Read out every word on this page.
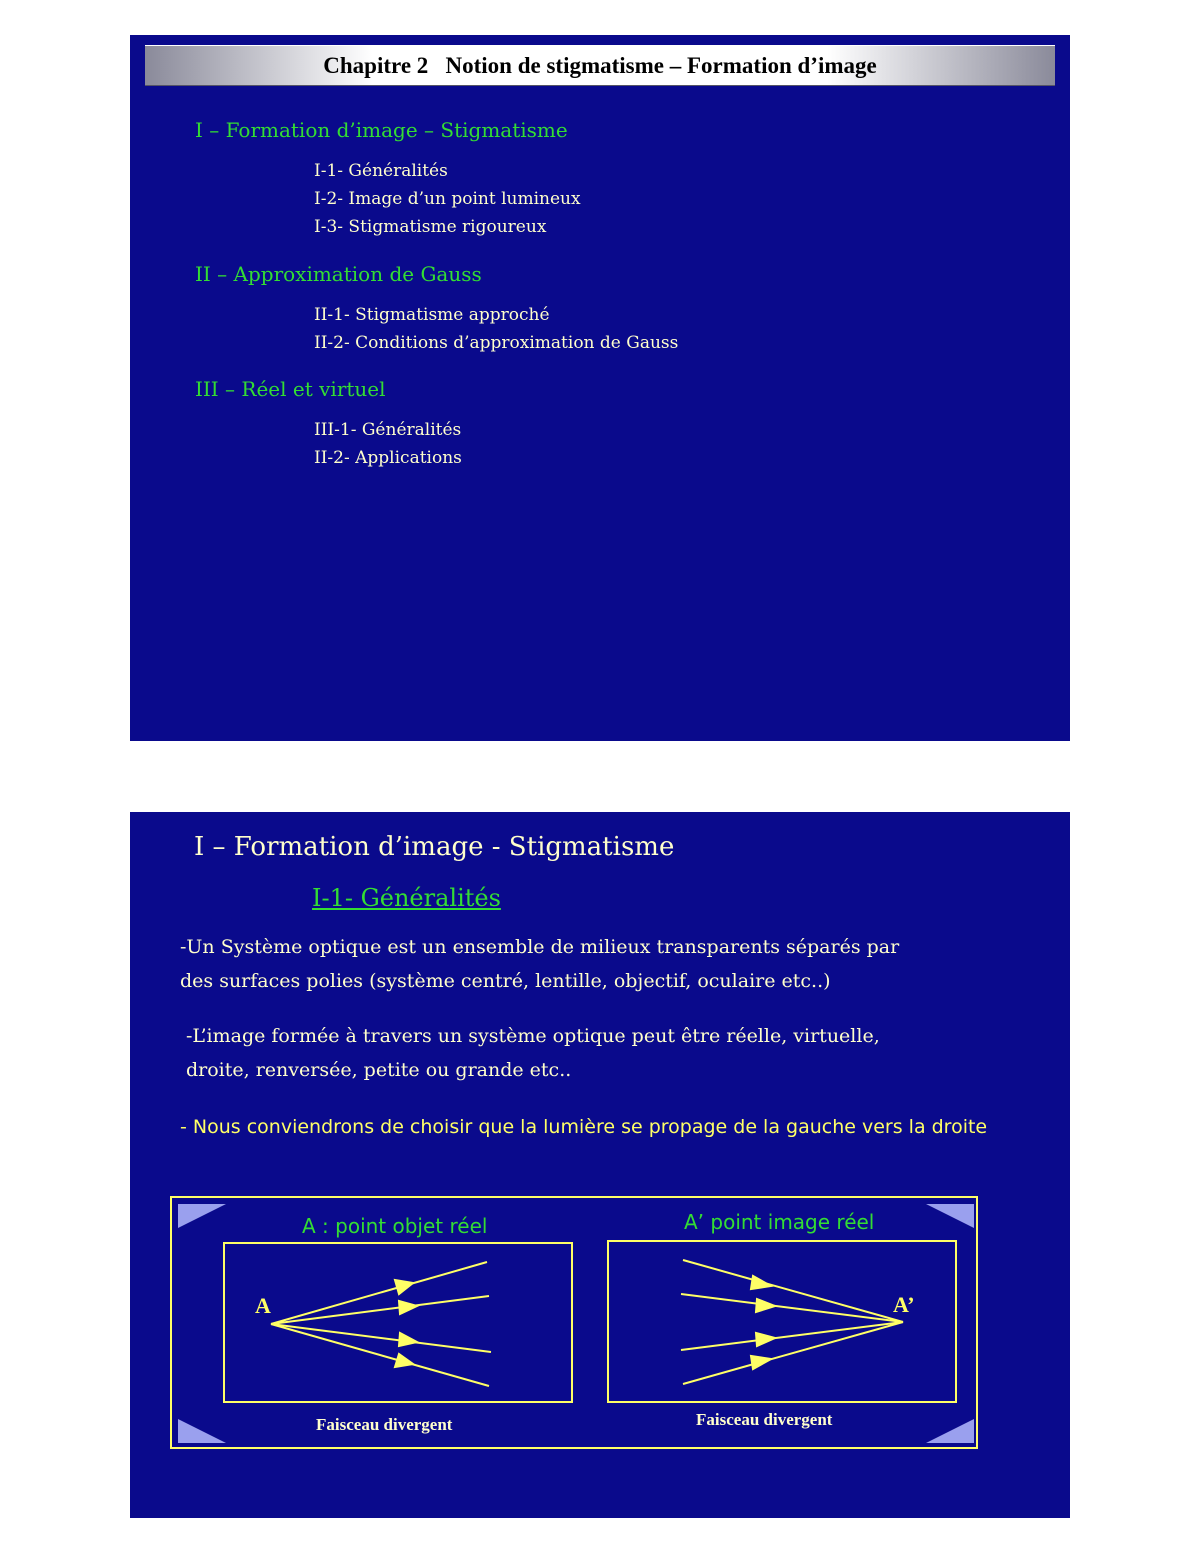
Chapitre 2   Notion de stigmatisme – Formation d’image
I – Formation d’image – Stigmatisme
I-1- Généralités
I-2- Image d’un point lumineux
I-3- Stigmatisme rigoureux
II – Approximation de Gauss
II-1- Stigmatisme approché
II-2- Conditions d’approximation de Gauss
III – Réel et virtuel
III-1- Généralités
II-2- Applications
I – Formation d’image - Stigmatisme
I-1- Généralités
-Un Système optique est un ensemble de milieux transparents séparés par
des surfaces polies (système centré, lentille, objectif, oculaire etc..)
-L’image formée à travers un système optique peut être réelle, virtuelle,
droite, renversée, petite ou grande etc..
- Nous conviendrons de choisir que la lumière se propage de la gauche vers la droite
A : point objet réel	A’ point image réel
A	A’
Faisceau divergent	Faisceau divergent
